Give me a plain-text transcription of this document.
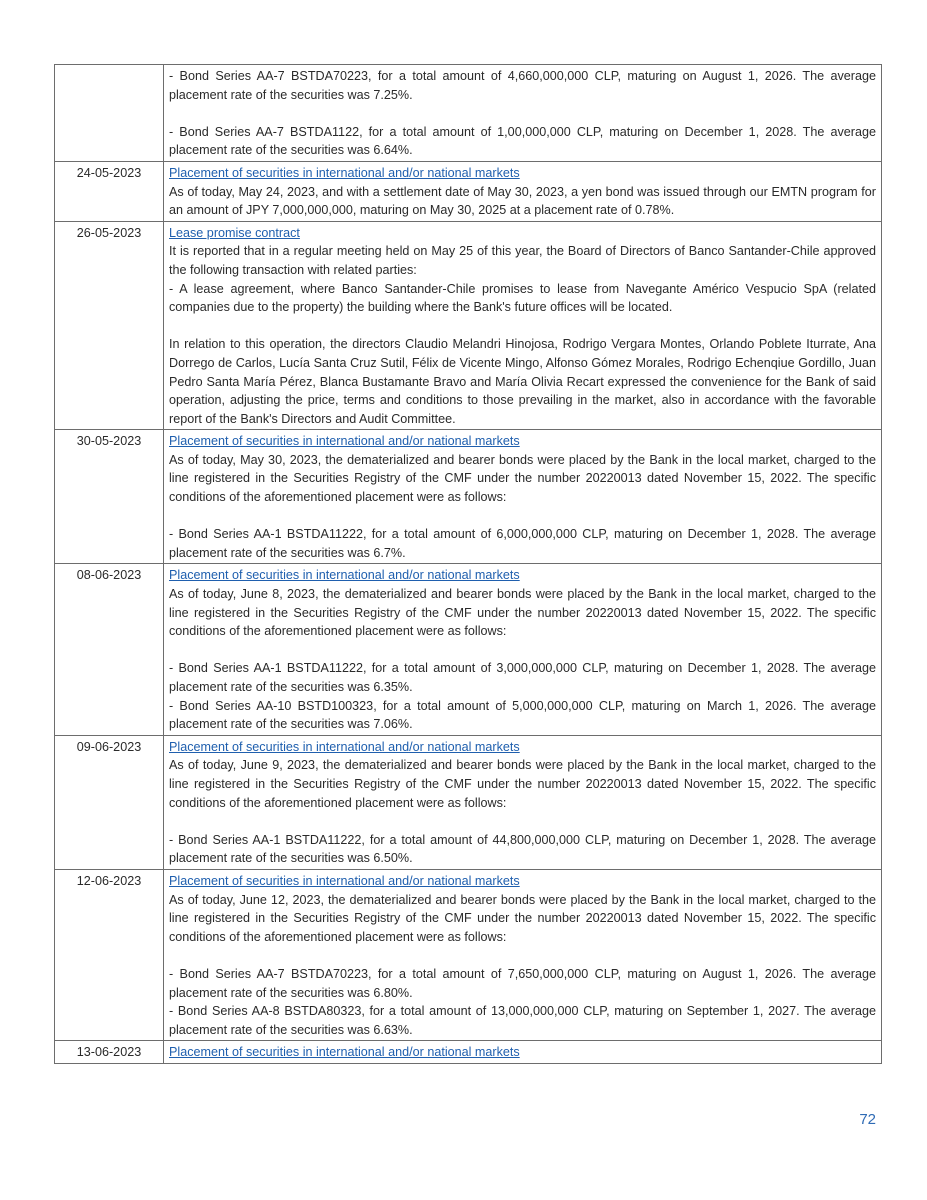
	- Bond Series AA-7 BSTDA70223, for a total amount of 4,660,000,000 CLP, maturing on August 1, 2026. The average placement rate of the securities was 7.25%.

- Bond Series AA-7 BSTDA1122, for a total amount of 1,00,000,000 CLP, maturing on December 1, 2028. The average placement rate of the securities was 6.64%.

24-05-2023	Placement of securities in international and/or national markets

As of today, May 24, 2023, and with a settlement date of May 30, 2023, a yen bond was issued through our EMTN program for an amount of JPY 7,000,000,000, maturing on May 30, 2025 at a placement rate of 0.78%.

26-05-2023	Lease promise contract

It is reported that in a regular meeting held on May 25 of this year, the Board of Directors of Banco Santander-Chile approved the following transaction with related parties:

- A lease agreement, where Banco Santander-Chile promises to lease from Navegante Américo Vespucio SpA (related companies due to the property) the building where the Bank's future offices will be located.

In relation to this operation, the directors Claudio Melandri Hinojosa, Rodrigo Vergara Montes, Orlando Poblete Iturrate, Ana Dorrego de Carlos, Lucía Santa Cruz Sutil, Félix de Vicente Mingo, Alfonso Gómez Morales, Rodrigo Echenqiue Gordillo, Juan Pedro Santa María Pérez, Blanca Bustamante Bravo and María Olivia Recart expressed the convenience for the Bank of said operation, adjusting the price, terms and conditions to those prevailing in the market, also in accordance with the favorable report of the Bank's Directors and Audit Committee.

30-05-2023	Placement of securities in international and/or national markets

As of today, May 30, 2023, the dematerialized and bearer bonds were placed by the Bank in the local market, charged to the line registered in the Securities Registry of the CMF under the number 20220013 dated November 15, 2022. The specific conditions of the aforementioned placement were as follows:

- Bond Series AA-1 BSTDA11222, for a total amount of 6,000,000,000 CLP, maturing on December 1, 2028. The average placement rate of the securities was 6.7%.

08-06-2023	Placement of securities in international and/or national markets

As of today, June 8, 2023, the dematerialized and bearer bonds were placed by the Bank in the local market, charged to the line registered in the Securities Registry of the CMF under the number 20220013 dated November 15, 2022. The specific conditions of the aforementioned placement were as follows:

- Bond Series AA-1 BSTDA11222, for a total amount of 3,000,000,000 CLP, maturing on December 1, 2028. The average placement rate of the securities was 6.35%.

- Bond Series AA-10 BSTD100323, for a total amount of 5,000,000,000 CLP, maturing on March 1, 2026. The average placement rate of the securities was 7.06%.

09-06-2023	Placement of securities in international and/or national markets

As of today, June 9, 2023, the dematerialized and bearer bonds were placed by the Bank in the local market, charged to the line registered in the Securities Registry of the CMF under the number 20220013 dated November 15, 2022. The specific conditions of the aforementioned placement were as follows:

- Bond Series AA-1 BSTDA11222, for a total amount of 44,800,000,000 CLP, maturing on December 1, 2028. The average placement rate of the securities was 6.50%.

12-06-2023	Placement of securities in international and/or national markets

As of today, June 12, 2023, the dematerialized and bearer bonds were placed by the Bank in the local market, charged to the line registered in the Securities Registry of the CMF under the number 20220013 dated November 15, 2022. The specific conditions of the aforementioned placement were as follows:

- Bond Series AA-7 BSTDA70223, for a total amount of 7,650,000,000 CLP, maturing on August 1, 2026. The average placement rate of the securities was 6.80%.

- Bond Series AA-8 BSTDA80323, for a total amount of 13,000,000,000 CLP, maturing on September 1, 2027. The average placement rate of the securities was 6.63%.

13-06-2023	Placement of securities in international and/or national markets

72
